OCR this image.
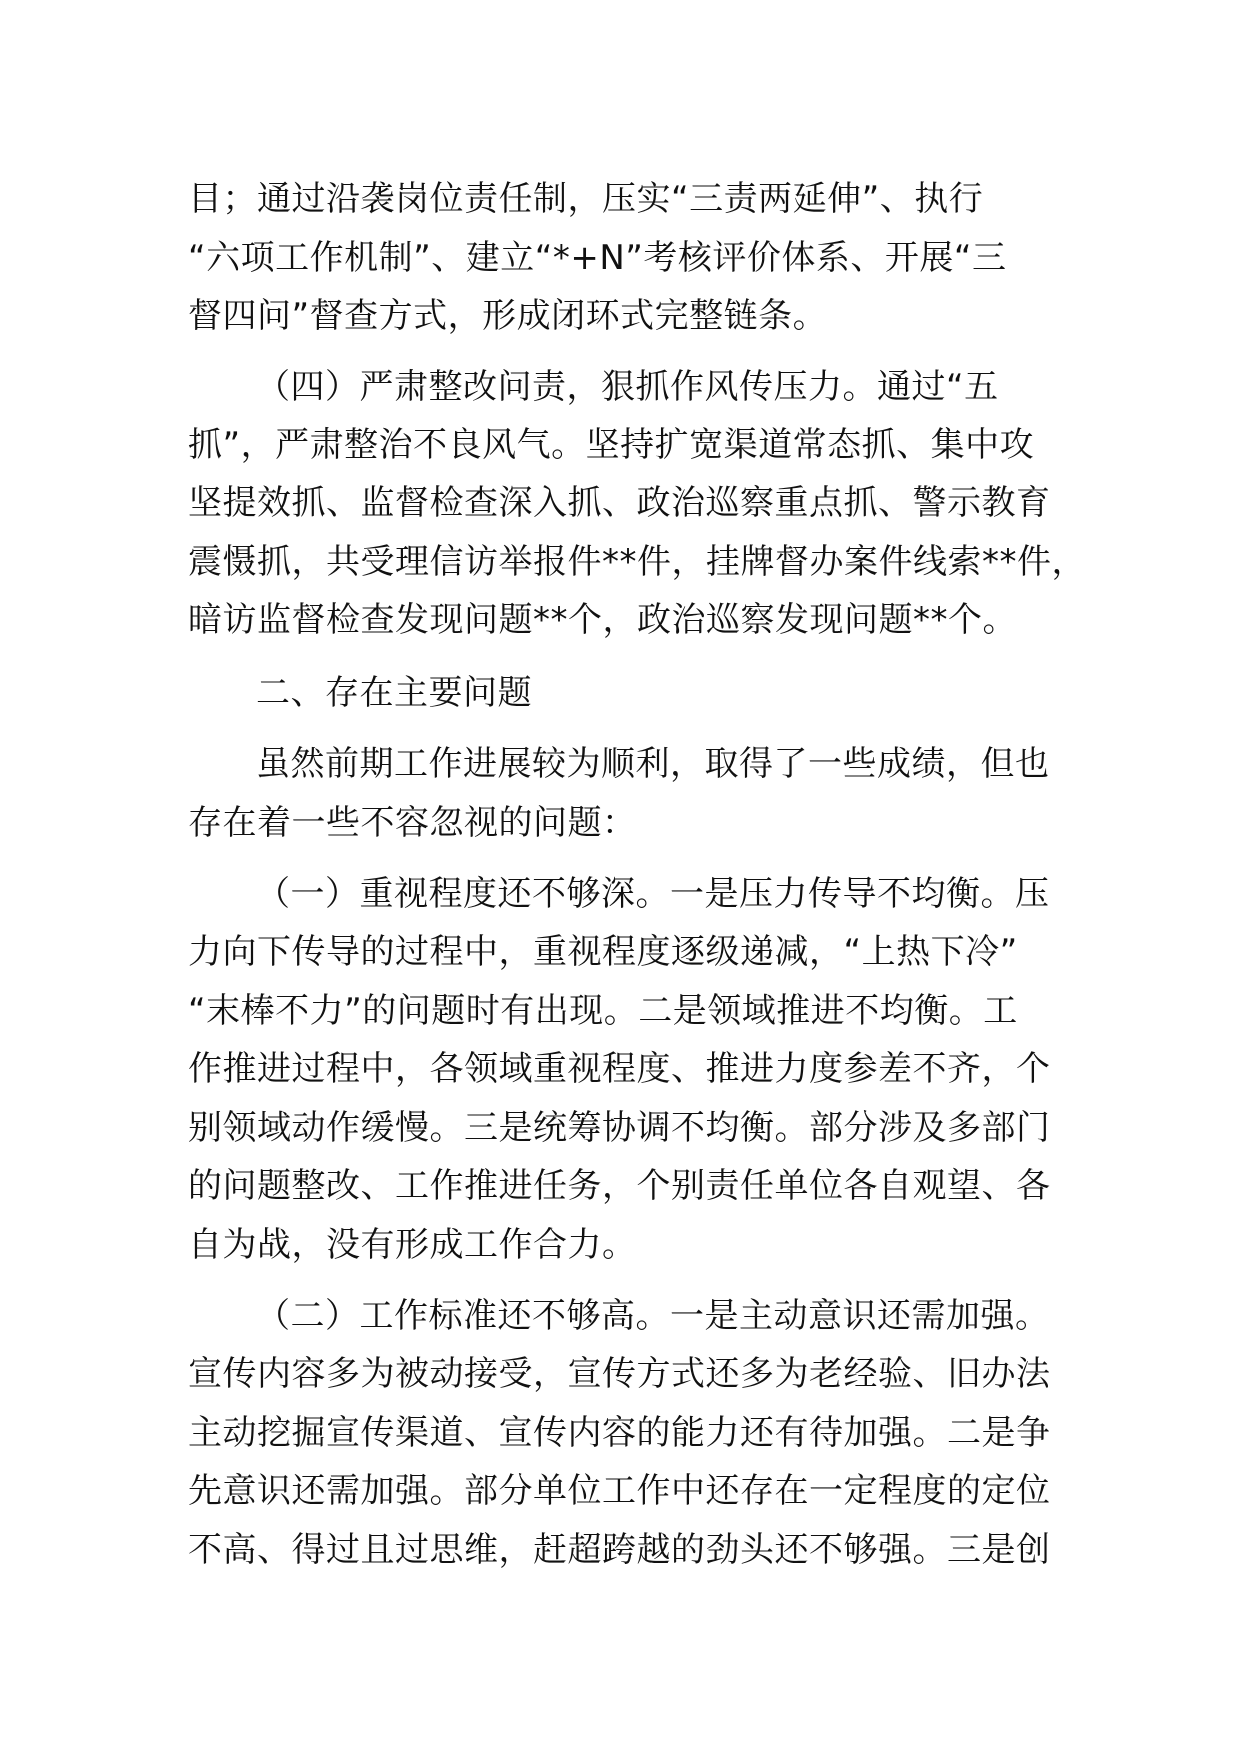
目；通过沿袭岗位责任制，压实“三责两延伸”、执行
“六项工作机制”、建立“*+N”考核评价体系、开展“三
督四问”督查方式，形成闭环式完整链条。
（四）严肃整改问责，狠抓作风传压力。通过“五
抓”，严肃整治不良风气。坚持扩宽渠道常态抓、集中攻
坚提效抓、监督检查深入抓、政治巡察重点抓、警示教育
震慑抓，共受理信访举报件**件，挂牌督办案件线索**件，
暗访监督检查发现问题**个，政治巡察发现问题**个。
二、存在主要问题
虽然前期工作进展较为顺利，取得了一些成绩，但也
存在着一些不容忽视的问题：
（一）重视程度还不够深。一是压力传导不均衡。压
力向下传导的过程中，重视程度逐级递减，“上热下冷”
“末棒不力”的问题时有出现。二是领域推进不均衡。工
作推进过程中，各领域重视程度、推进力度参差不齐，个
别领域动作缓慢。三是统筹协调不均衡。部分涉及多部门
的问题整改、工作推进任务，个别责任单位各自观望、各
自为战，没有形成工作合力。
（二）工作标准还不够高。一是主动意识还需加强。
宣传内容多为被动接受，宣传方式还多为老经验、旧办法
主动挖掘宣传渠道、宣传内容的能力还有待加强。二是争
先意识还需加强。部分单位工作中还存在一定程度的定位
不高、得过且过思维，赶超跨越的劲头还不够强。三是创
